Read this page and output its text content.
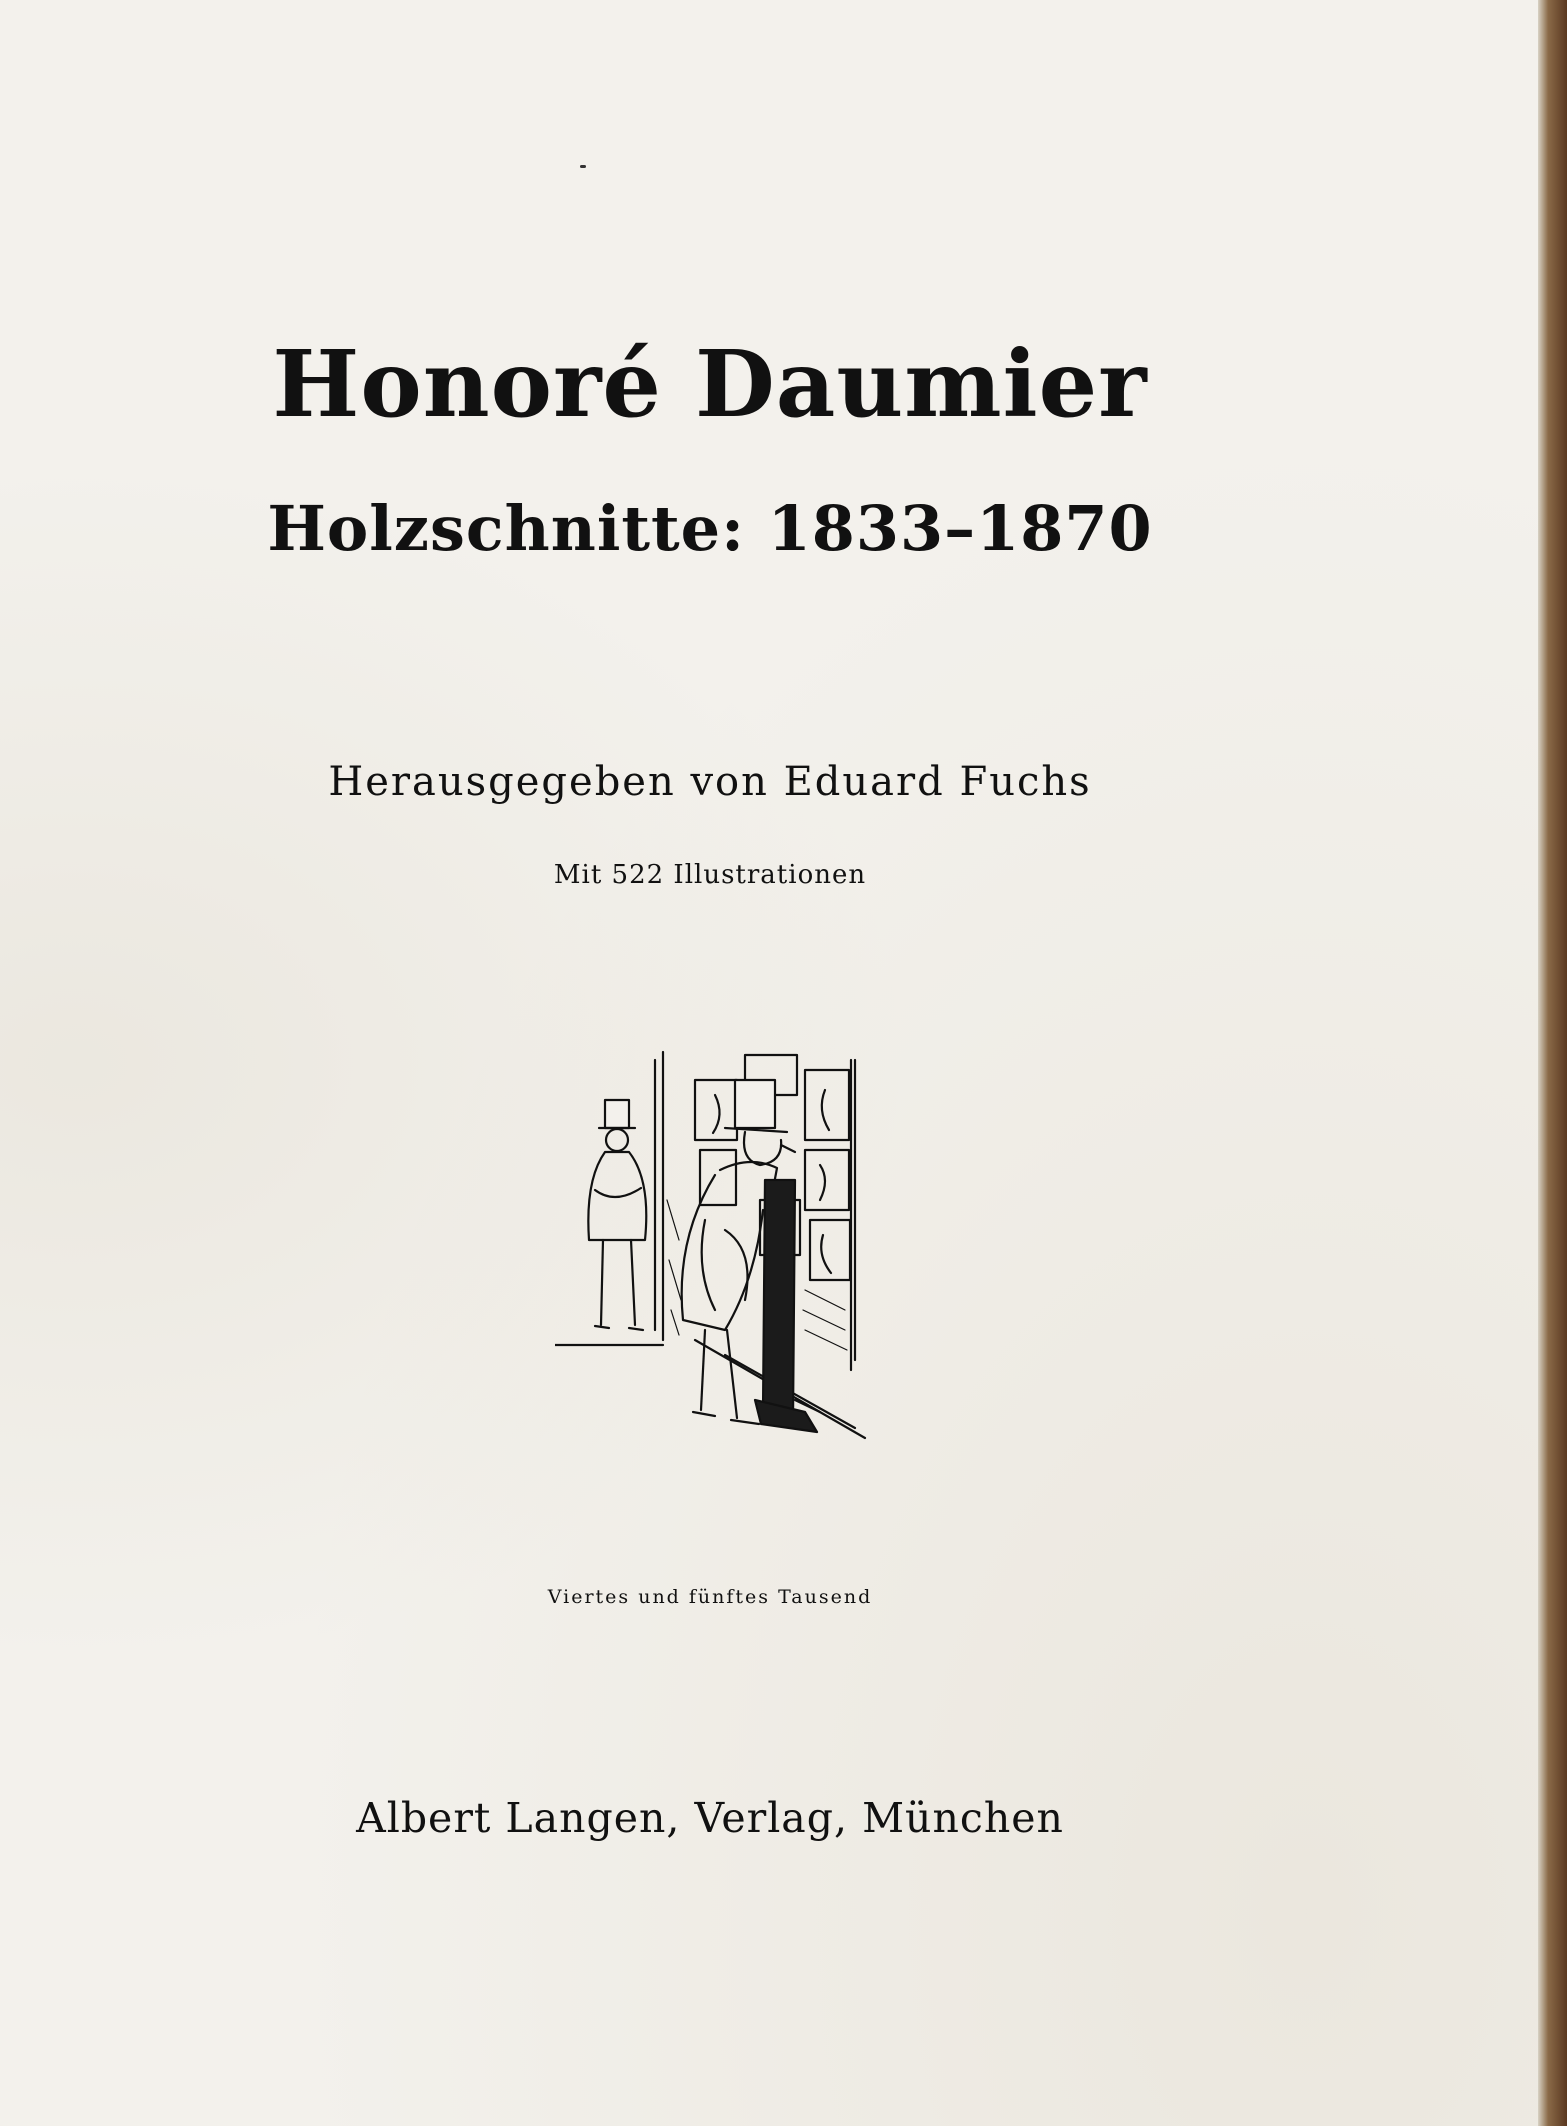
Honoré Daumier
Holzschnitte: 1833–1870

Herausgegeben von Eduard Fuchs

Mit 522 Illustrationen

Viertes und fünftes Tausend

Albert Langen, Verlag, München
